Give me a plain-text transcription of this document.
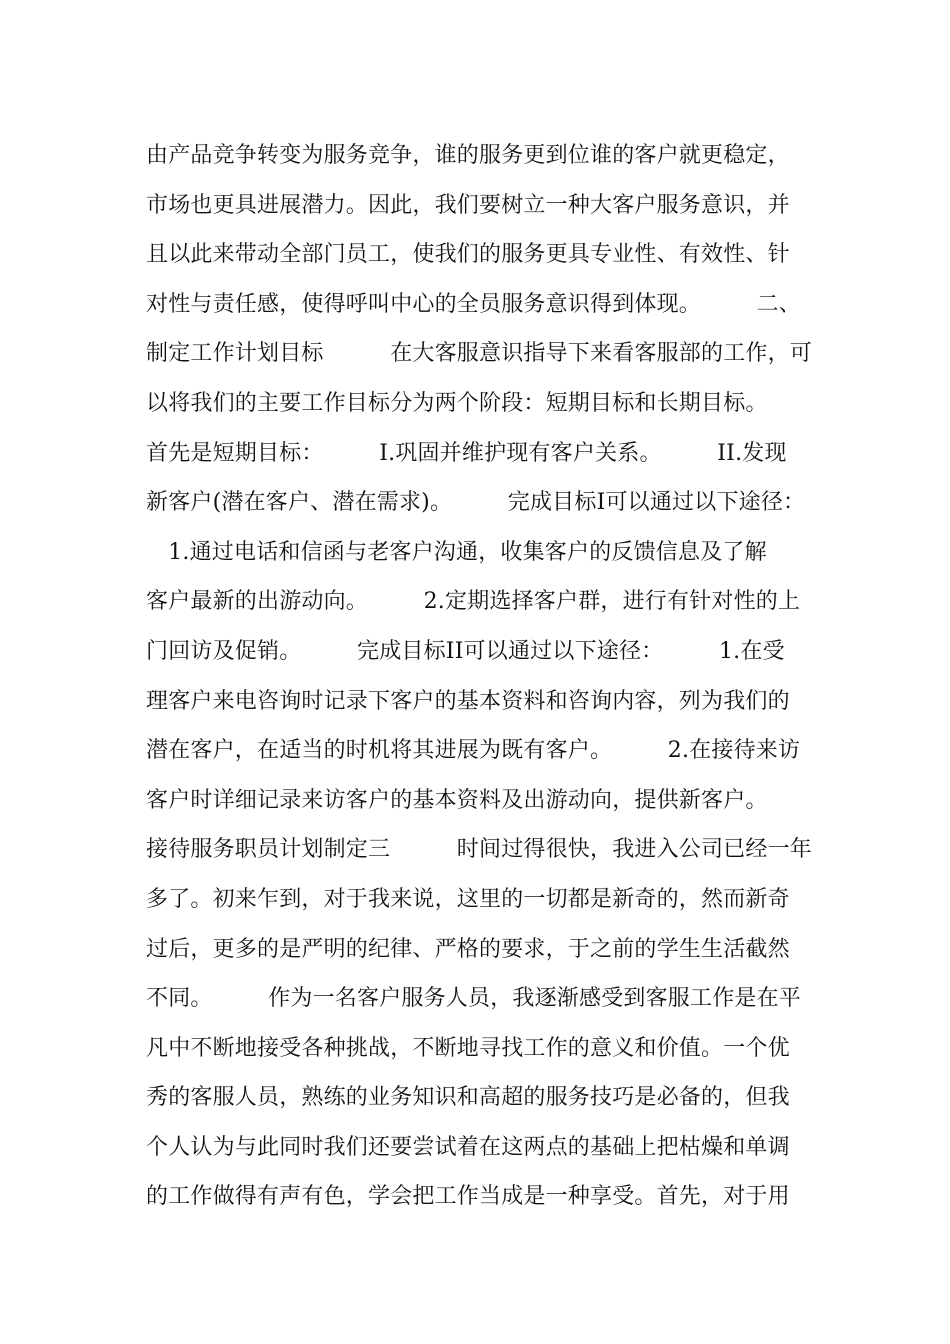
由产品竞争转变为服务竞争，谁的服务更到位谁的客户就更稳定，
市场也更具进展潜力。因此，我们要树立一种大客户服务意识，并
且以此来带动全部门员工，使我们的服务更具专业性、有效性、针
对性与责任感，使得呼叫中心的全员服务意识得到体现。　　　二、
制定工作计划目标　　　在大客服意识指导下来看客服部的工作，可
以将我们的主要工作目标分为两个阶段：短期目标和长期目标。
首先是短期目标：　　　I.巩固并维护现有客户关系。　　　II.发现
新客户(潜在客户、潜在需求)。　　　完成目标I可以通过以下途径：
　1.通过电话和信函与老客户沟通，收集客户的反馈信息及了解
客户最新的出游动向。　　　2.定期选择客户群，进行有针对性的上
门回访及促销。　　　完成目标II可以通过以下途径：　　　1.在受
理客户来电咨询时记录下客户的基本资料和咨询内容，列为我们的
潜在客户，在适当的时机将其进展为既有客户。　　　2.在接待来访
客户时详细记录来访客户的基本资料及出游动向，提供新客户。
接待服务职员计划制定三　　　时间过得很快，我进入公司已经一年
多了。初来乍到，对于我来说，这里的一切都是新奇的，然而新奇
过后，更多的是严明的纪律、严格的要求，于之前的学生生活截然
不同。　　　作为一名客户服务人员，我逐渐感受到客服工作是在平
凡中不断地接受各种挑战，不断地寻找工作的意义和价值。一个优
秀的客服人员，熟练的业务知识和高超的服务技巧是必备的，但我
个人认为与此同时我们还要尝试着在这两点的基础上把枯燥和单调
的工作做得有声有色，学会把工作当成是一种享受。首先，对于用
